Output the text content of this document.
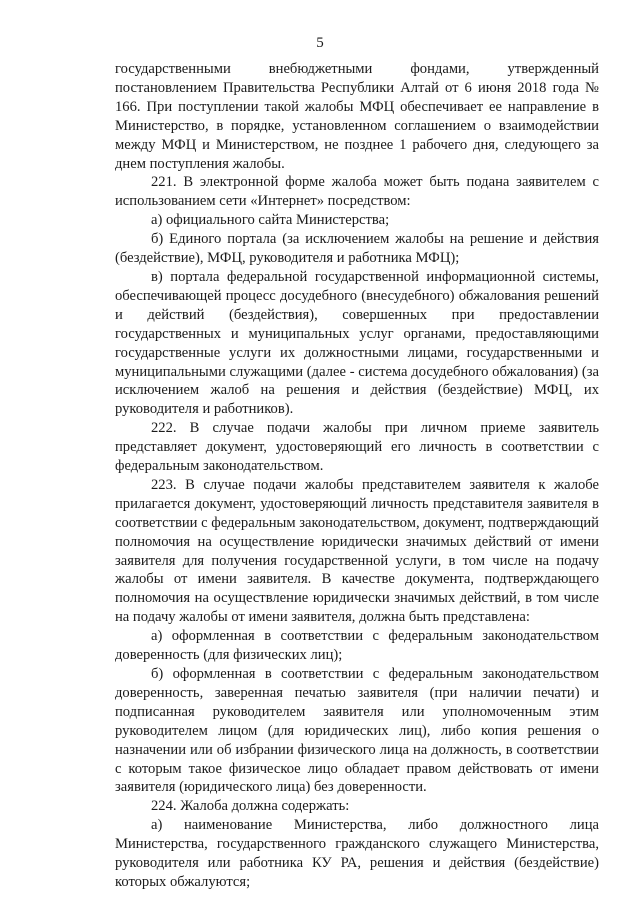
5

государственными внебюджетными фондами, утвержденный постановлением Правительства Республики Алтай от 6 июня 2018 года № 166. При поступлении такой жалобы МФЦ обеспечивает ее направление в Министерство, в порядке, установленном соглашением о взаимодействии между МФЦ и Министерством, не позднее 1 рабочего дня, следующего за днем поступления жалобы.

221. В электронной форме жалоба может быть подана заявителем с использованием сети «Интернет» посредством:

а) официального сайта Министерства;

б) Единого портала (за исключением жалобы на решение и действия (бездействие), МФЦ, руководителя и работника МФЦ);

в) портала федеральной государственной информационной системы, обеспечивающей процесс досудебного (внесудебного) обжалования решений и действий (бездействия), совершенных при предоставлении государственных и муниципальных услуг органами, предоставляющими государственные услуги их должностными лицами, государственными и муниципальными служащими (далее - система досудебного обжалования) (за исключением жалоб на решения и действия (бездействие) МФЦ, их руководителя и работников).

222. В случае подачи жалобы при личном приеме заявитель представляет документ, удостоверяющий его личность в соответствии с федеральным законодательством.

223. В случае подачи жалобы представителем заявителя к жалобе прилагается документ, удостоверяющий личность представителя заявителя в соответствии с федеральным законодательством, документ, подтверждающий полномочия на осуществление юридически значимых действий от имени заявителя для получения государственной услуги, в том числе на подачу жалобы от имени заявителя. В качестве документа, подтверждающего полномочия на осуществление юридически значимых действий, в том числе на подачу жалобы от имени заявителя, должна быть представлена:

а) оформленная в соответствии с федеральным законодательством доверенность (для физических лиц);

б) оформленная в соответствии с федеральным законодательством доверенность, заверенная печатью заявителя (при наличии печати) и подписанная руководителем заявителя или уполномоченным этим руководителем лицом (для юридических лиц), либо копия решения о назначении или об избрании физического лица на должность, в соответствии с которым такое физическое лицо обладает правом действовать от имени заявителя (юридического лица) без доверенности.

224. Жалоба должна содержать:

а) наименование Министерства, либо должностного лица Министерства, государственного гражданского служащего Министерства, руководителя или работника КУ РА, решения и действия (бездействие) которых обжалуются;
